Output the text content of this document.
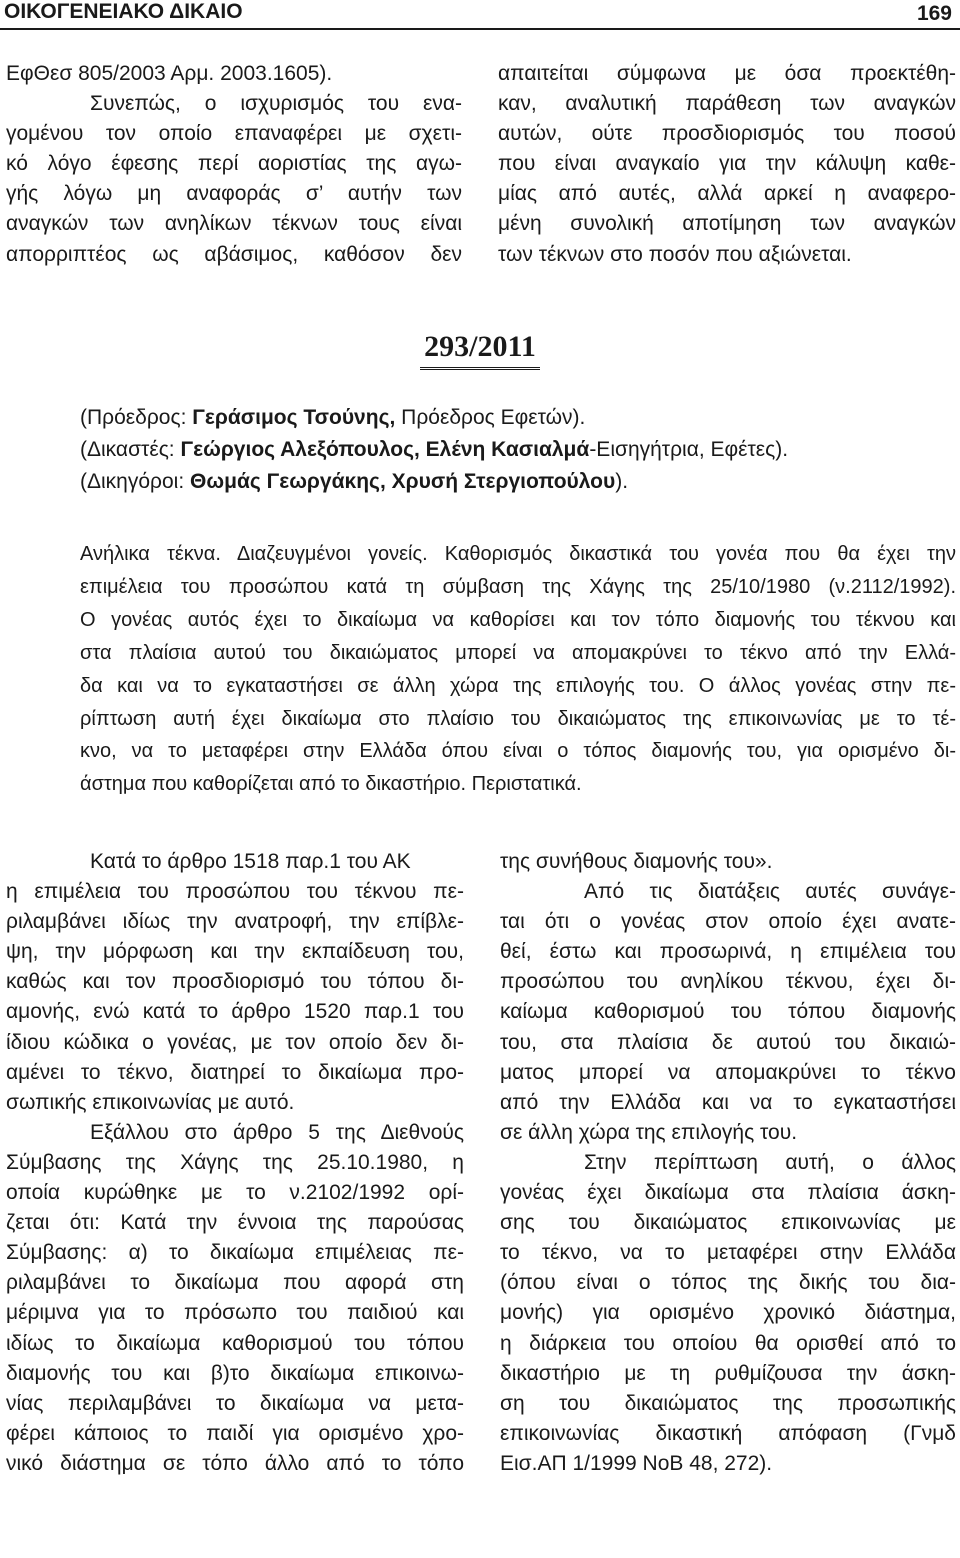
ΟΙΚΟΓΕΝΕΙΑΚΟ ΔΙΚΑΙΟ	169
ΕφΘεσ 805/2003 Αρμ. 2003.1605).
Συνεπώς, ο ισχυρισμός του ενα-
γομένου τον οποίο επαναφέρει με σχετι-
κό λόγο έφεσης περί αοριστίας της αγω-
γής λόγω μη αναφοράς σ’ αυτήν των
αναγκών των ανηλίκων τέκνων τους είναι
απορριπτέος ως αβάσιμος, καθόσον δεν
απαιτείται σύμφωνα με όσα προεκτέθη-
καν, αναλυτική παράθεση των αναγκών
αυτών, ούτε προσδιορισμός του ποσού
που είναι αναγκαίο για την κάλυψη καθε-
μίας από αυτές, αλλά αρκεί η αναφερο-
μένη συνολική αποτίμηση των αναγκών
των τέκνων στο ποσόν που αξιώνεται.
293/2011
(Πρόεδρος: Γεράσιμος Τσούνης, Πρόεδρος Εφετών).
(Δικαστές: Γεώργιος Αλεξόπουλος, Ελένη Κασιαλμά-Εισηγήτρια, Εφέτες).
(Δικηγόροι: Θωμάς Γεωργάκης, Χρυσή Στεργιοπούλου).
Ανήλικα τέκνα. Διαζευγμένοι γονείς. Καθορισμός δικαστικά του γονέα που θα έχει την
επιμέλεια του προσώπου κατά τη σύμβαση της Χάγης της 25/10/1980 (ν.2112/1992).
Ο γονέας αυτός έχει το δικαίωμα να καθορίσει και τον τόπο διαμονής του τέκνου και
στα πλαίσια αυτού του δικαιώματος μπορεί να απομακρύνει το τέκνο από την Ελλά-
δα και να το εγκαταστήσει σε άλλη χώρα της επιλογής του. Ο άλλος γονέας στην πε-
ρίπτωση αυτή έχει δικαίωμα στο πλαίσιο του δικαιώματος της επικοινωνίας με το τέ-
κνο, να το μεταφέρει στην Ελλάδα όπου είναι ο τόπος διαμονής του, για ορισμένο δι-
άστημα που καθορίζεται από το δικαστήριο. Περιστατικά.
Κατά το άρθρο 1518 παρ.1 του ΑΚ
η επιμέλεια του προσώπου του τέκνου πε-
ριλαμβάνει ιδίως την ανατροφή, την επίβλε-
ψη, την μόρφωση και την εκπαίδευση του,
καθώς και τον προσδιορισμό του τόπου δι-
αμονής, ενώ κατά το άρθρο 1520 παρ.1 του
ίδιου κώδικα ο γονέας, με τον οποίο δεν δι-
αμένει το τέκνο, διατηρεί το δικαίωμα προ-
σωπικής επικοινωνίας με αυτό.
Εξάλλου στο άρθρο 5 της Διεθνούς
Σύμβασης της Χάγης της 25.10.1980, η
οποία κυρώθηκε με το ν.2102/1992 ορί-
ζεται ότι: Κατά την έννοια της παρούσας
Σύμβασης: α) το δικαίωμα επιμέλειας πε-
ριλαμβάνει το δικαίωμα που αφορά στη
μέριμνα για το πρόσωπο του παιδιού και
ιδίως το δικαίωμα καθορισμού του τόπου
διαμονής του και β)το δικαίωμα επικοινω-
νίας περιλαμβάνει το δικαίωμα να μετα-
φέρει κάποιος το παιδί για ορισμένο χρο-
νικό διάστημα σε τόπο άλλο από το τόπο
της συνήθους διαμονής του».
Από τις διατάξεις αυτές συνάγε-
ται ότι ο γονέας στον οποίο έχει ανατε-
θεί, έστω και προσωρινά, η επιμέλεια του
προσώπου του ανηλίκου τέκνου, έχει δι-
καίωμα καθορισμού του τόπου διαμονής
του, στα πλαίσια δε αυτού του δικαιώ-
ματος μπορεί να απομακρύνει το τέκνο
από την Ελλάδα και να το εγκαταστήσει
σε άλλη χώρα της επιλογής του.
Στην περίπτωση αυτή, ο άλλος
γονέας έχει δικαίωμα στα πλαίσια άσκη-
σης του δικαιώματος επικοινωνίας με
το τέκνο, να το μεταφέρει στην Ελλάδα
(όπου είναι ο τόπος της δικής του δια-
μονής) για ορισμένο χρονικό διάστημα,
η διάρκεια του οποίου θα ορισθεί από το
δικαστήριο με τη ρυθμίζουσα την άσκη-
ση του δικαιώματος της προσωπικής
επικοινωνίας δικαστική απόφαση (Γνμδ
Εισ.ΑΠ 1/1999 ΝοΒ 48, 272).
